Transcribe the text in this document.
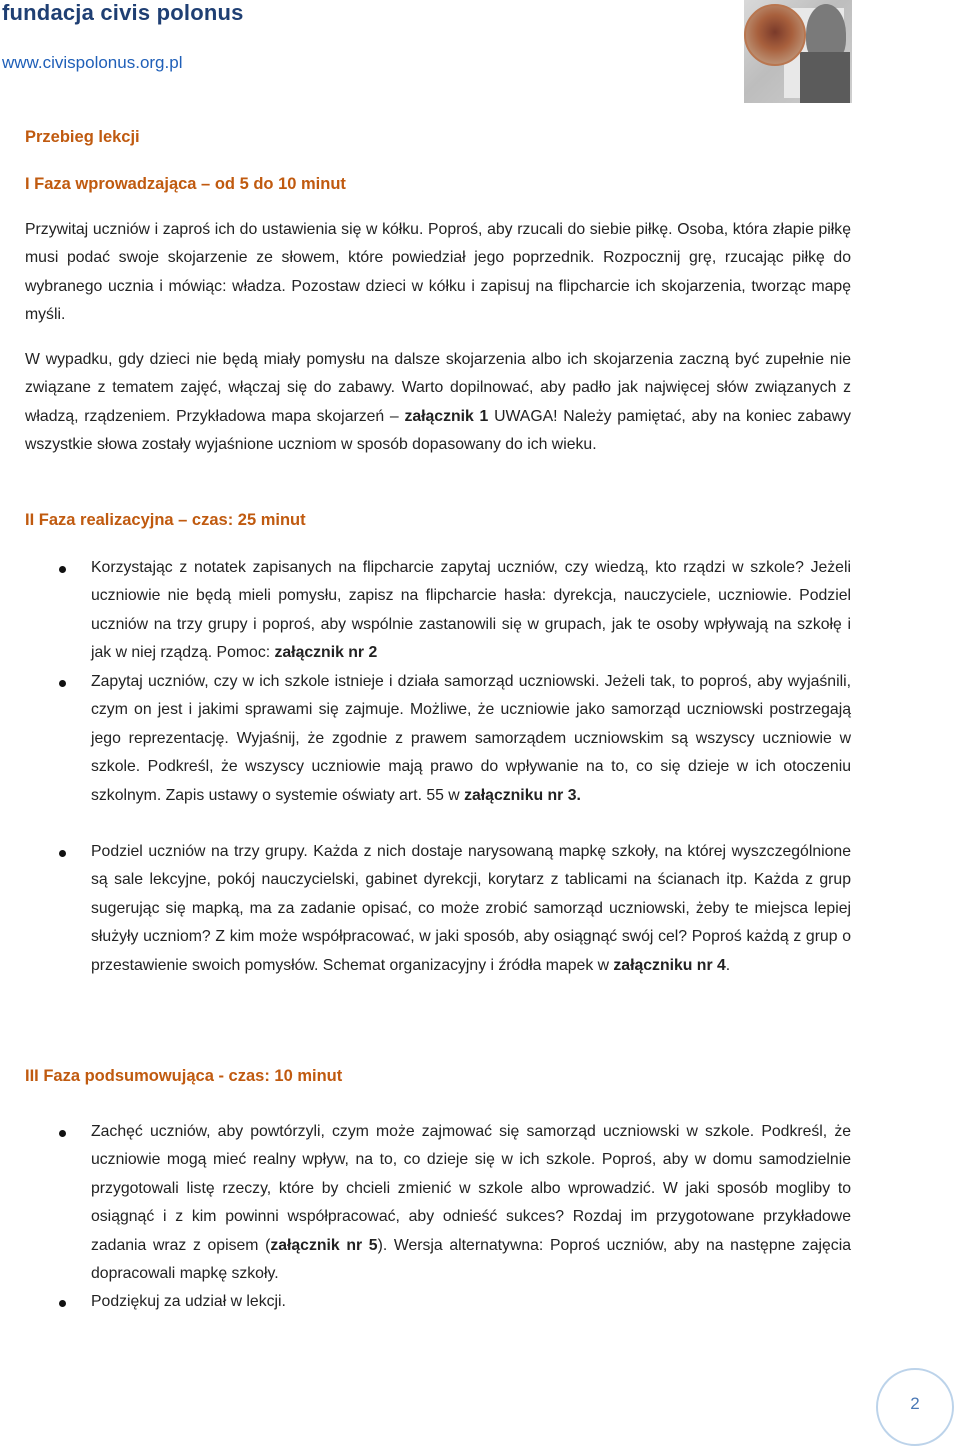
fundacja civis polonus
www.civispolonus.org.pl
Przebieg lekcji
I Faza wprowadzająca – od 5 do 10 minut
Przywitaj uczniów i zaproś ich do ustawienia się w kółku. Poproś, aby rzucali do siebie piłkę. Osoba, która złapie piłkę musi podać swoje skojarzenie ze słowem, które powiedział jego poprzednik. Rozpocznij grę, rzucając piłkę do wybranego ucznia i mówiąc: władza. Pozostaw dzieci w kółku i zapisuj na flipcharcie ich skojarzenia, tworząc mapę myśli.
W wypadku, gdy dzieci nie będą miały pomysłu na dalsze skojarzenia albo ich skojarzenia zaczną być zupełnie nie związane z tematem zajęć, włączaj się do zabawy. Warto dopilnować, aby padło jak najwięcej słów związanych z władzą, rządzeniem. Przykładowa mapa skojarzeń – załącznik 1 UWAGA! Należy pamiętać, aby na koniec zabawy wszystkie słowa zostały wyjaśnione uczniom w sposób dopasowany do ich wieku.
II Faza realizacyjna – czas: 25 minut
Korzystając z notatek zapisanych na flipcharcie zapytaj uczniów, czy wiedzą, kto rządzi w szkole? Jeżeli uczniowie nie będą mieli pomysłu, zapisz na flipcharcie hasła: dyrekcja, nauczyciele, uczniowie. Podziel uczniów na trzy grupy i poproś, aby wspólnie zastanowili się w grupach, jak te osoby wpływają na szkołę i jak w niej rządzą. Pomoc: załącznik nr 2
Zapytaj uczniów, czy w ich szkole istnieje i działa samorząd uczniowski. Jeżeli tak, to poproś, aby wyjaśnili, czym on jest i jakimi sprawami się zajmuje. Możliwe, że uczniowie jako samorząd uczniowski postrzegają jego reprezentację. Wyjaśnij, że zgodnie z prawem samorządem uczniowskim są wszyscy uczniowie w szkole. Podkreśl, że wszyscy uczniowie mają prawo do wpływanie na to, co się dzieje w ich otoczeniu szkolnym. Zapis ustawy o systemie oświaty art. 55 w załączniku nr 3.
Podziel uczniów na trzy grupy. Każda z nich dostaje narysowaną mapkę szkoły, na której wyszczególnione są sale lekcyjne, pokój nauczycielski, gabinet dyrekcji, korytarz z tablicami na ścianach itp. Każda z grup sugerując się mapką, ma za zadanie opisać, co może zrobić samorząd uczniowski, żeby te miejsca lepiej służyły uczniom? Z kim może współpracować, w jaki sposób, aby osiągnąć swój cel? Poproś każdą z grup o przestawienie swoich pomysłów. Schemat organizacyjny i źródła mapek w załączniku nr 4.
III Faza podsumowująca - czas: 10 minut
Zachęć uczniów, aby powtórzyli, czym może zajmować się samorząd uczniowski w szkole. Podkreśl, że uczniowie mogą mieć realny wpływ, na to, co dzieje się w ich szkole. Poproś, aby w domu samodzielnie przygotowali listę rzeczy, które by chcieli zmienić w szkole albo wprowadzić. W jaki sposób mogliby to osiągnąć i z kim powinni współpracować, aby odnieść sukces? Rozdaj im przygotowane przykładowe zadania wraz z opisem (załącznik nr 5). Wersja alternatywna: Poproś uczniów, aby na następne zajęcia dopracowali mapkę szkoły.
Podziękuj za udział w lekcji.
2
